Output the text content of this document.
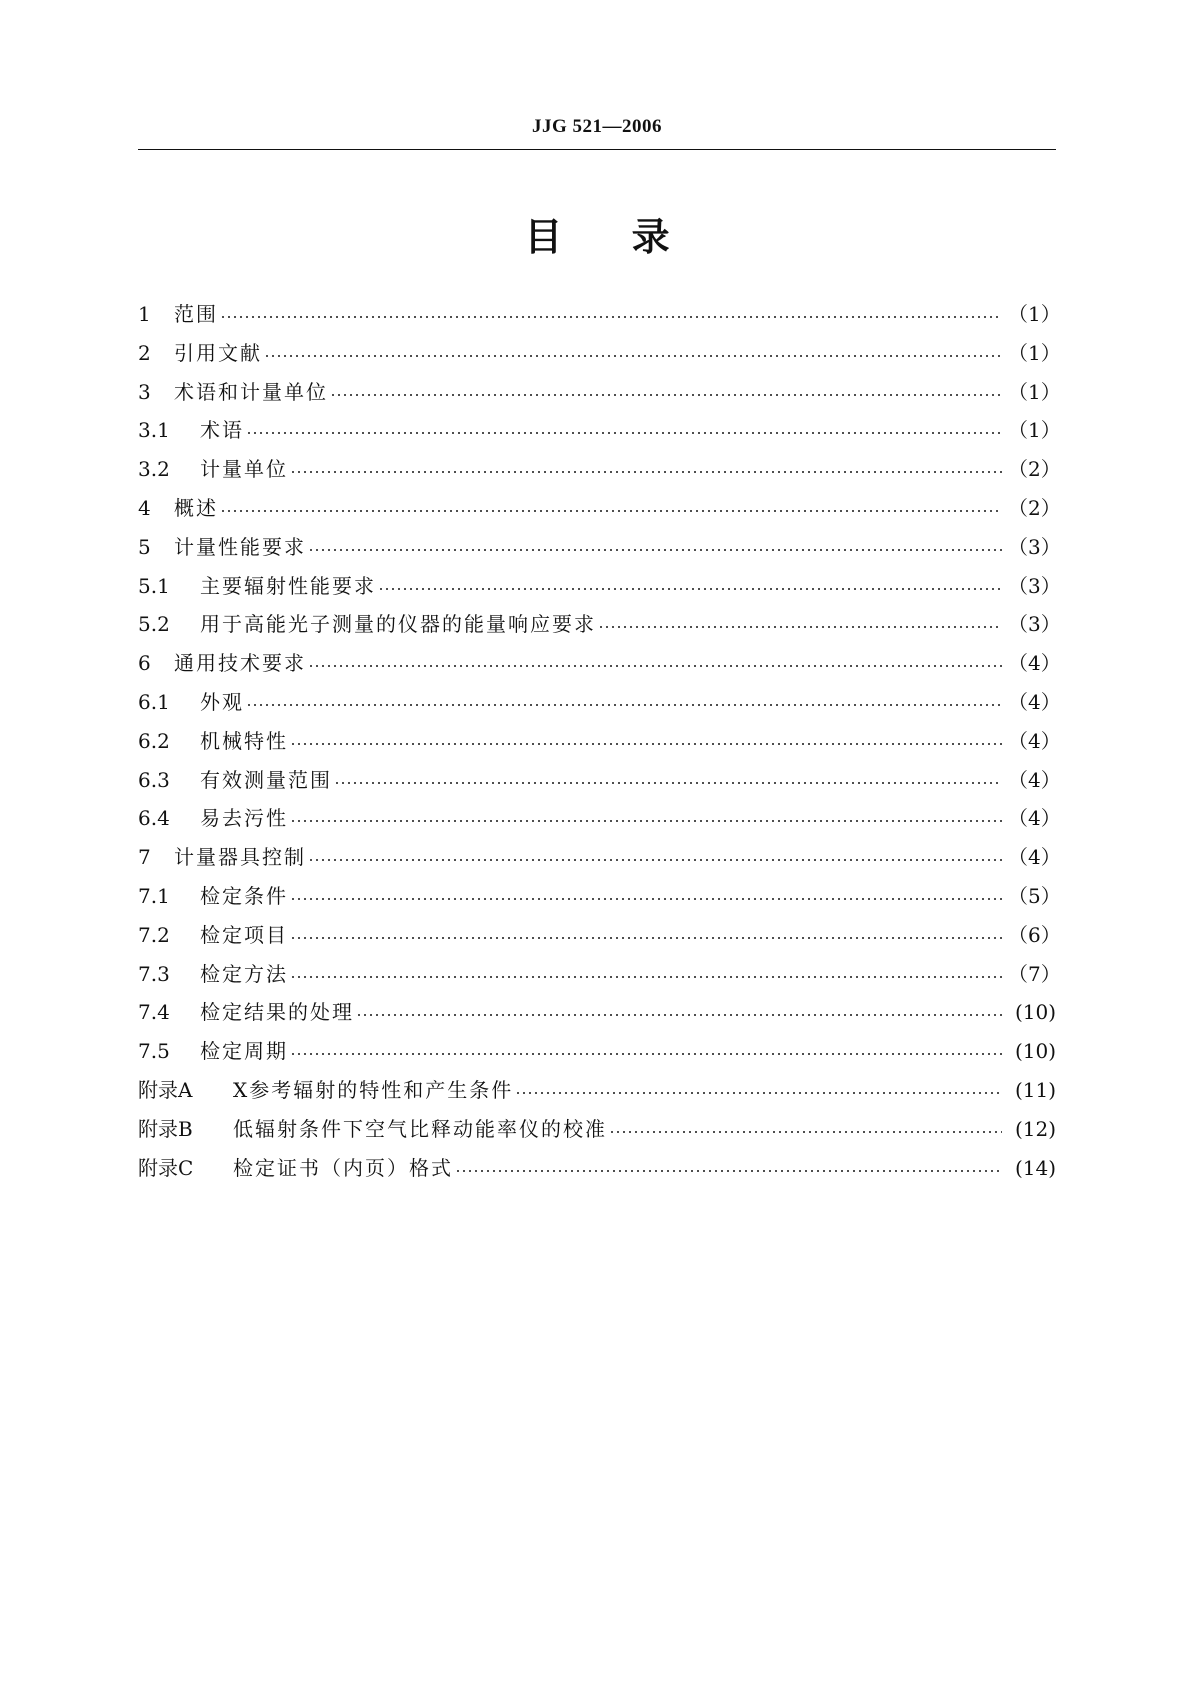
JJG 521—2006
目 录
1	范围	（1）
2	引用文献	（1）
3	术语和计量单位	（1）
3.1	术语	（1）
3.2	计量单位	（2）
4	概述	（2）
5	计量性能要求	（3）
5.1	主要辐射性能要求	（3）
5.2	用于高能光子测量的仪器的能量响应要求	（3）
6	通用技术要求	（4）
6.1	外观	（4）
6.2	机械特性	（4）
6.3	有效测量范围	（4）
6.4	易去污性	（4）
7	计量器具控制	（4）
7.1	检定条件	（5）
7.2	检定项目	（6）
7.3	检定方法	（7）
7.4	检定结果的处理	(10)
7.5	检定周期	(10)
附录A	X参考辐射的特性和产生条件	(11)
附录B	低辐射条件下空气比释动能率仪的校准	(12)
附录C	检定证书（内页）格式	(14)
